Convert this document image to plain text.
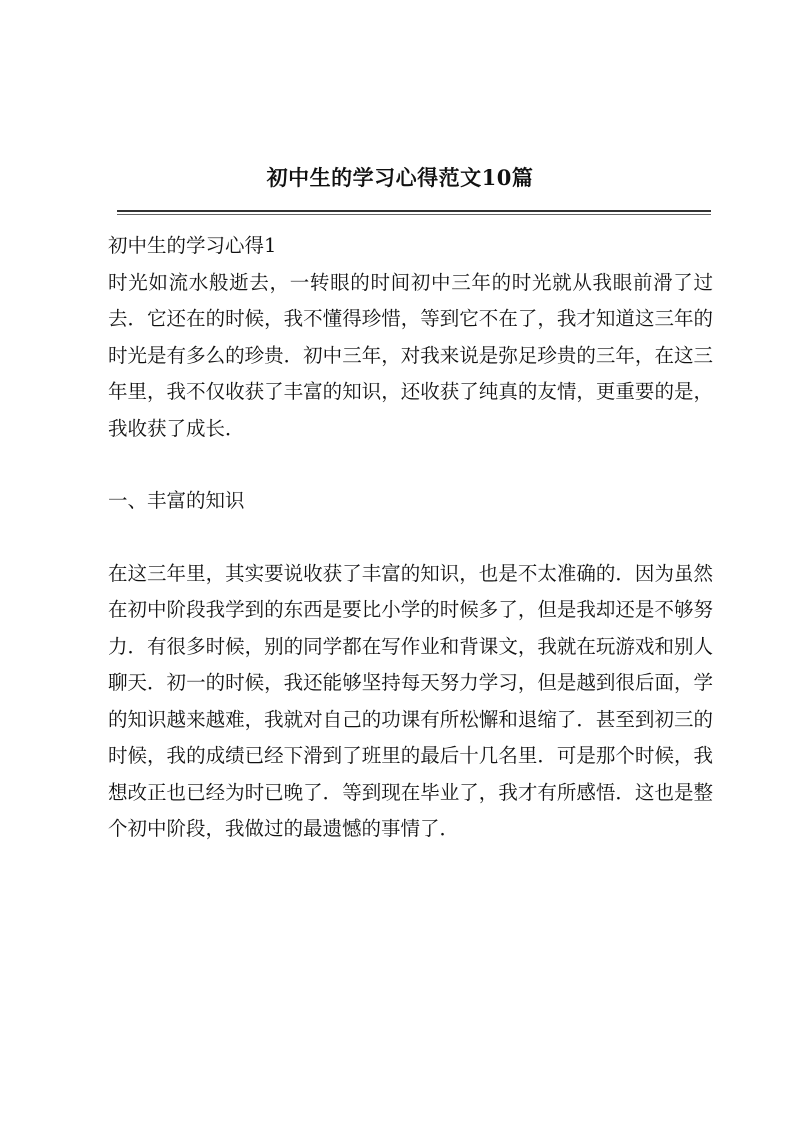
初中生的学习心得范文10篇

初中生的学习心得1

时光如流水般逝去，一转眼的时间初中三年的时光就从我眼前滑了过去．它还在的时候，我不懂得珍惜，等到它不在了，我才知道这三年的时光是有多么的珍贵．初中三年，对我来说是弥足珍贵的三年，在这三年里，我不仅收获了丰富的知识，还收获了纯真的友情，更重要的是，我收获了成长．

一、丰富的知识

在这三年里，其实要说收获了丰富的知识，也是不太准确的．因为虽然在初中阶段我学到的东西是要比小学的时候多了，但是我却还是不够努力．有很多时候，别的同学都在写作业和背课文，我就在玩游戏和别人聊天．初一的时候，我还能够坚持每天努力学习，但是越到很后面，学的知识越来越难，我就对自己的功课有所松懈和退缩了．甚至到初三的时候，我的成绩已经下滑到了班里的最后十几名里．可是那个时候，我想改正也已经为时已晚了．等到现在毕业了，我才有所感悟．这也是整个初中阶段，我做过的最遗憾的事情了．
